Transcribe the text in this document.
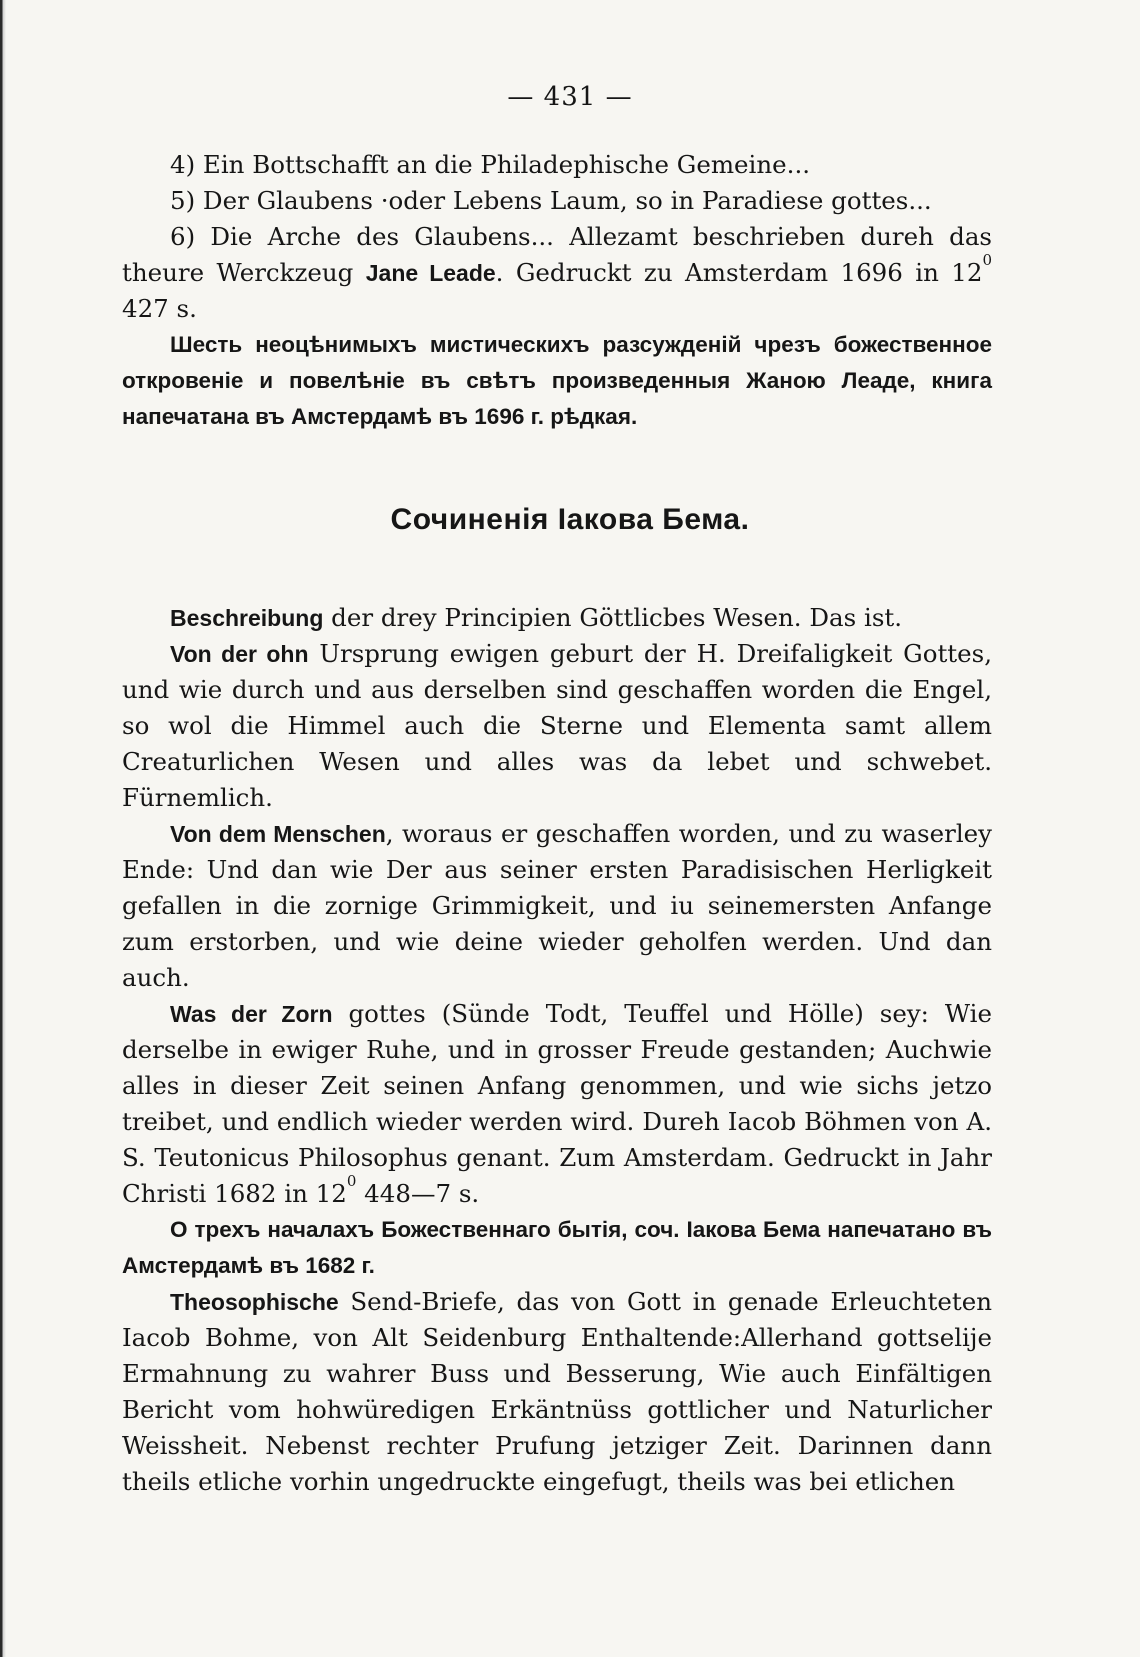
— 431 —

4) Ein Bottschafft an die Philadephische Gemeine...

5) Der Glaubens ·oder Lebens Laum, so in Paradiese gottes...

6) Die Arche des Glaubens... Allezamt beschrieben dureh das theure Werckzeug Jane Leade. Gedruckt zu Amsterdam 1696 in $12^0$ 427 s.

Шесть неоцѣнимыхъ мистическихъ разсужденій чрезъ божественное откровеніе и повелѣніе въ свѣтъ произведенныя Жаною Леаде, книга напечатана въ Амстердамѣ въ 1696 г. рѣдкая.

Сочиненія Іакова Бема.

Beschreibung der drey Principien Göttlicbes Wesen. Das ist.

Von der ohn Ursprung ewigen geburt der H. Dreifaligkeit Gottes, und wie durch und aus derselben sind geschaffen worden die Engel, so wol die Himmel auch die Sterne und Elementa samt allem Creaturlichen Wesen und alles was da lebet und schwebet. Fürnemlich.

Von dem Menschen, woraus er geschaffen worden, und zu waserley Ende: Und dan wie Der aus seiner ersten Paradisischen Herligkeit gefallen in die zornige Grimmigkeit, und iu seinemersten Anfange zum erstorben, und wie deine wieder geholfen werden. Und dan auch.

Was der Zorn gottes (Sünde Todt, Teuffel und Hölle) sey: Wie derselbe in ewiger Ruhe, und in grosser Freude gestanden; Auchwie alles in dieser Zeit seinen Anfang genommen, und wie sichs jetzo treibet, und endlich wieder werden wird. Dureh Iacob Böhmen von A. S. Teutonicus Philosophus genant. Zum Amsterdam. Gedruckt in Jahr Christi 1682 in $12^0$ 448—7 s.

О трехъ началахъ Божественнаго бытія, соч. Іакова Бема напечатано въ Амстердамѣ въ 1682 г.

Theosophische Send-Briefe, das von Gott in genade Erleuchteten Iacob Bohme, von Alt Seidenburg Enthaltende:Allerhand gottselije Ermahnung zu wahrer Buss und Besserung, Wie auch Einfältigen Bericht vom hohwüredigen Erkäntnüss gottlicher und Naturlicher Weissheit. Nebenst rechter Prufung jetziger Zeit. Darinnen dann theils etliche vorhin ungedruckte eingefugt, theils was bei etlichen
